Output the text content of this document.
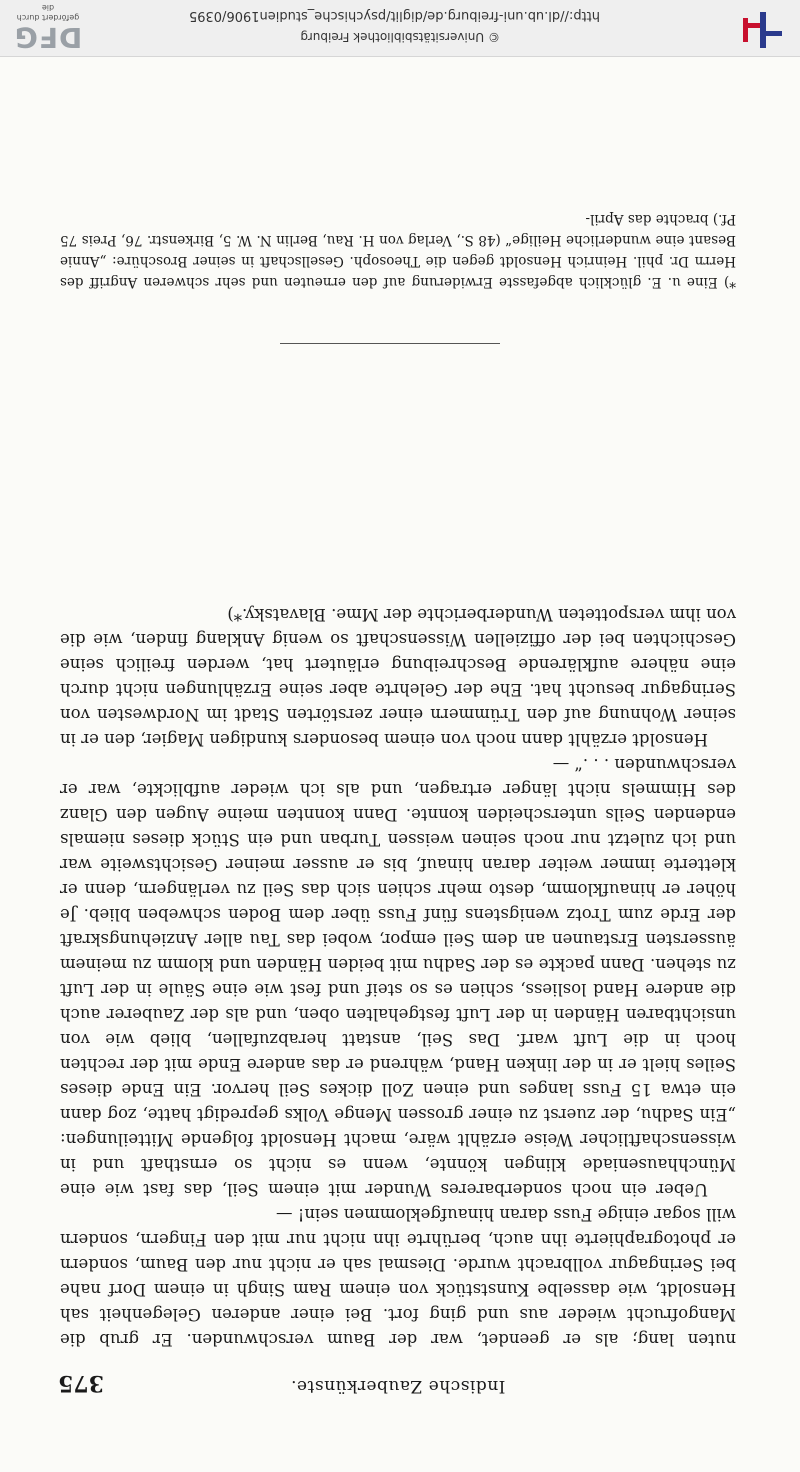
Indische Zauberkünste.
375

nuten lang; als er geendet, war der Baum verschwunden. Er grub die Mangofrucht wieder aus und ging fort. Bei einer anderen Gelegenheit sah Hensoldt, wie dasselbe Kunststück von einem Ram Singh in einem Dorf nahe bei Seringagur vollbracht wurde. Diesmal sah er nicht nur den Baum, sondern er photographierte ihn auch, berührte ihn nicht nur mit den Fingern, sondern will sogar einige Fuss daran hinaufgeklommen sein! —

Ueber ein noch sonderbareres Wunder mit einem Seil, das fast wie eine Münchhauseniade klingen könnte, wenn es nicht so ernsthaft und in wissenschaftlicher Weise erzählt wäre, macht Hensoldt folgende Mitteilungen: „Ein Sadhu, der zuerst zu einer grossen Menge Volks gepredigt hatte, zog dann ein etwa 15 Fuss langes und einen Zoll dickes Seil hervor. Ein Ende dieses Seiles hielt er in der linken Hand, während er das andere Ende mit der rechten hoch in die Luft warf. Das Seil, anstatt herabzufallen, blieb wie von unsichtbaren Händen in der Luft festgehalten oben, und als der Zauberer auch die andere Hand losliess, schien es so steif und fest wie eine Säule in der Luft zu stehen. Dann packte es der Sadhu mit beiden Händen und klomm zu meinem äussersten Erstaunen an dem Seil empor, wobei das Tau aller Anziehungskraft der Erde zum Trotz wenigstens fünf Fuss über dem Boden schweben blieb. Je höher er hinaufklomm, desto mehr schien sich das Seil zu verlängern, denn er kletterte immer weiter daran hinauf, bis er ausser meiner Gesichtsweite war und ich zuletzt nur noch seinen weissen Turban und ein Stück dieses niemals endenden Seils unterscheiden konnte. Dann konnten meine Augen den Glanz des Himmels nicht länger ertragen, und als ich wieder aufblickte, war er verschwunden . . .“ —

Hensoldt erzählt dann noch von einem besonders kundigen Magier, den er in seiner Wohnung auf den Trümmern einer zerstörten Stadt im Nordwesten von Seringagur besucht hat. Ehe der Gelehrte aber seine Erzählungen nicht durch eine nähere aufklärende Beschreibung erläutert hat, werden freilich seine Geschichten bei der offiziellen Wissenschaft so wenig Anklang finden, wie die von ihm verspotteten Wunderberichte der Mme. Blavatsky.*)

*) Eine u. E. glücklich abgefasste Erwiderung auf den erneuten und sehr schweren Angriff des Herrn Dr. phil. Heinrich Hensoldt gegen die Theosoph. Gesellschaft in seiner Broschüre: „Annie Besant eine wunderliche Heilige“ (48 S., Verlag von H. Rau, Berlin N. W. 5, Birkenstr. 76, Preis 75 Pf.) brachte das April-
© Universitätsbibliothek Freiburg
http://dl.ub.uni-freiburg.de/diglit/psychische_studien1906/0395
DFG
gefördert durch die
